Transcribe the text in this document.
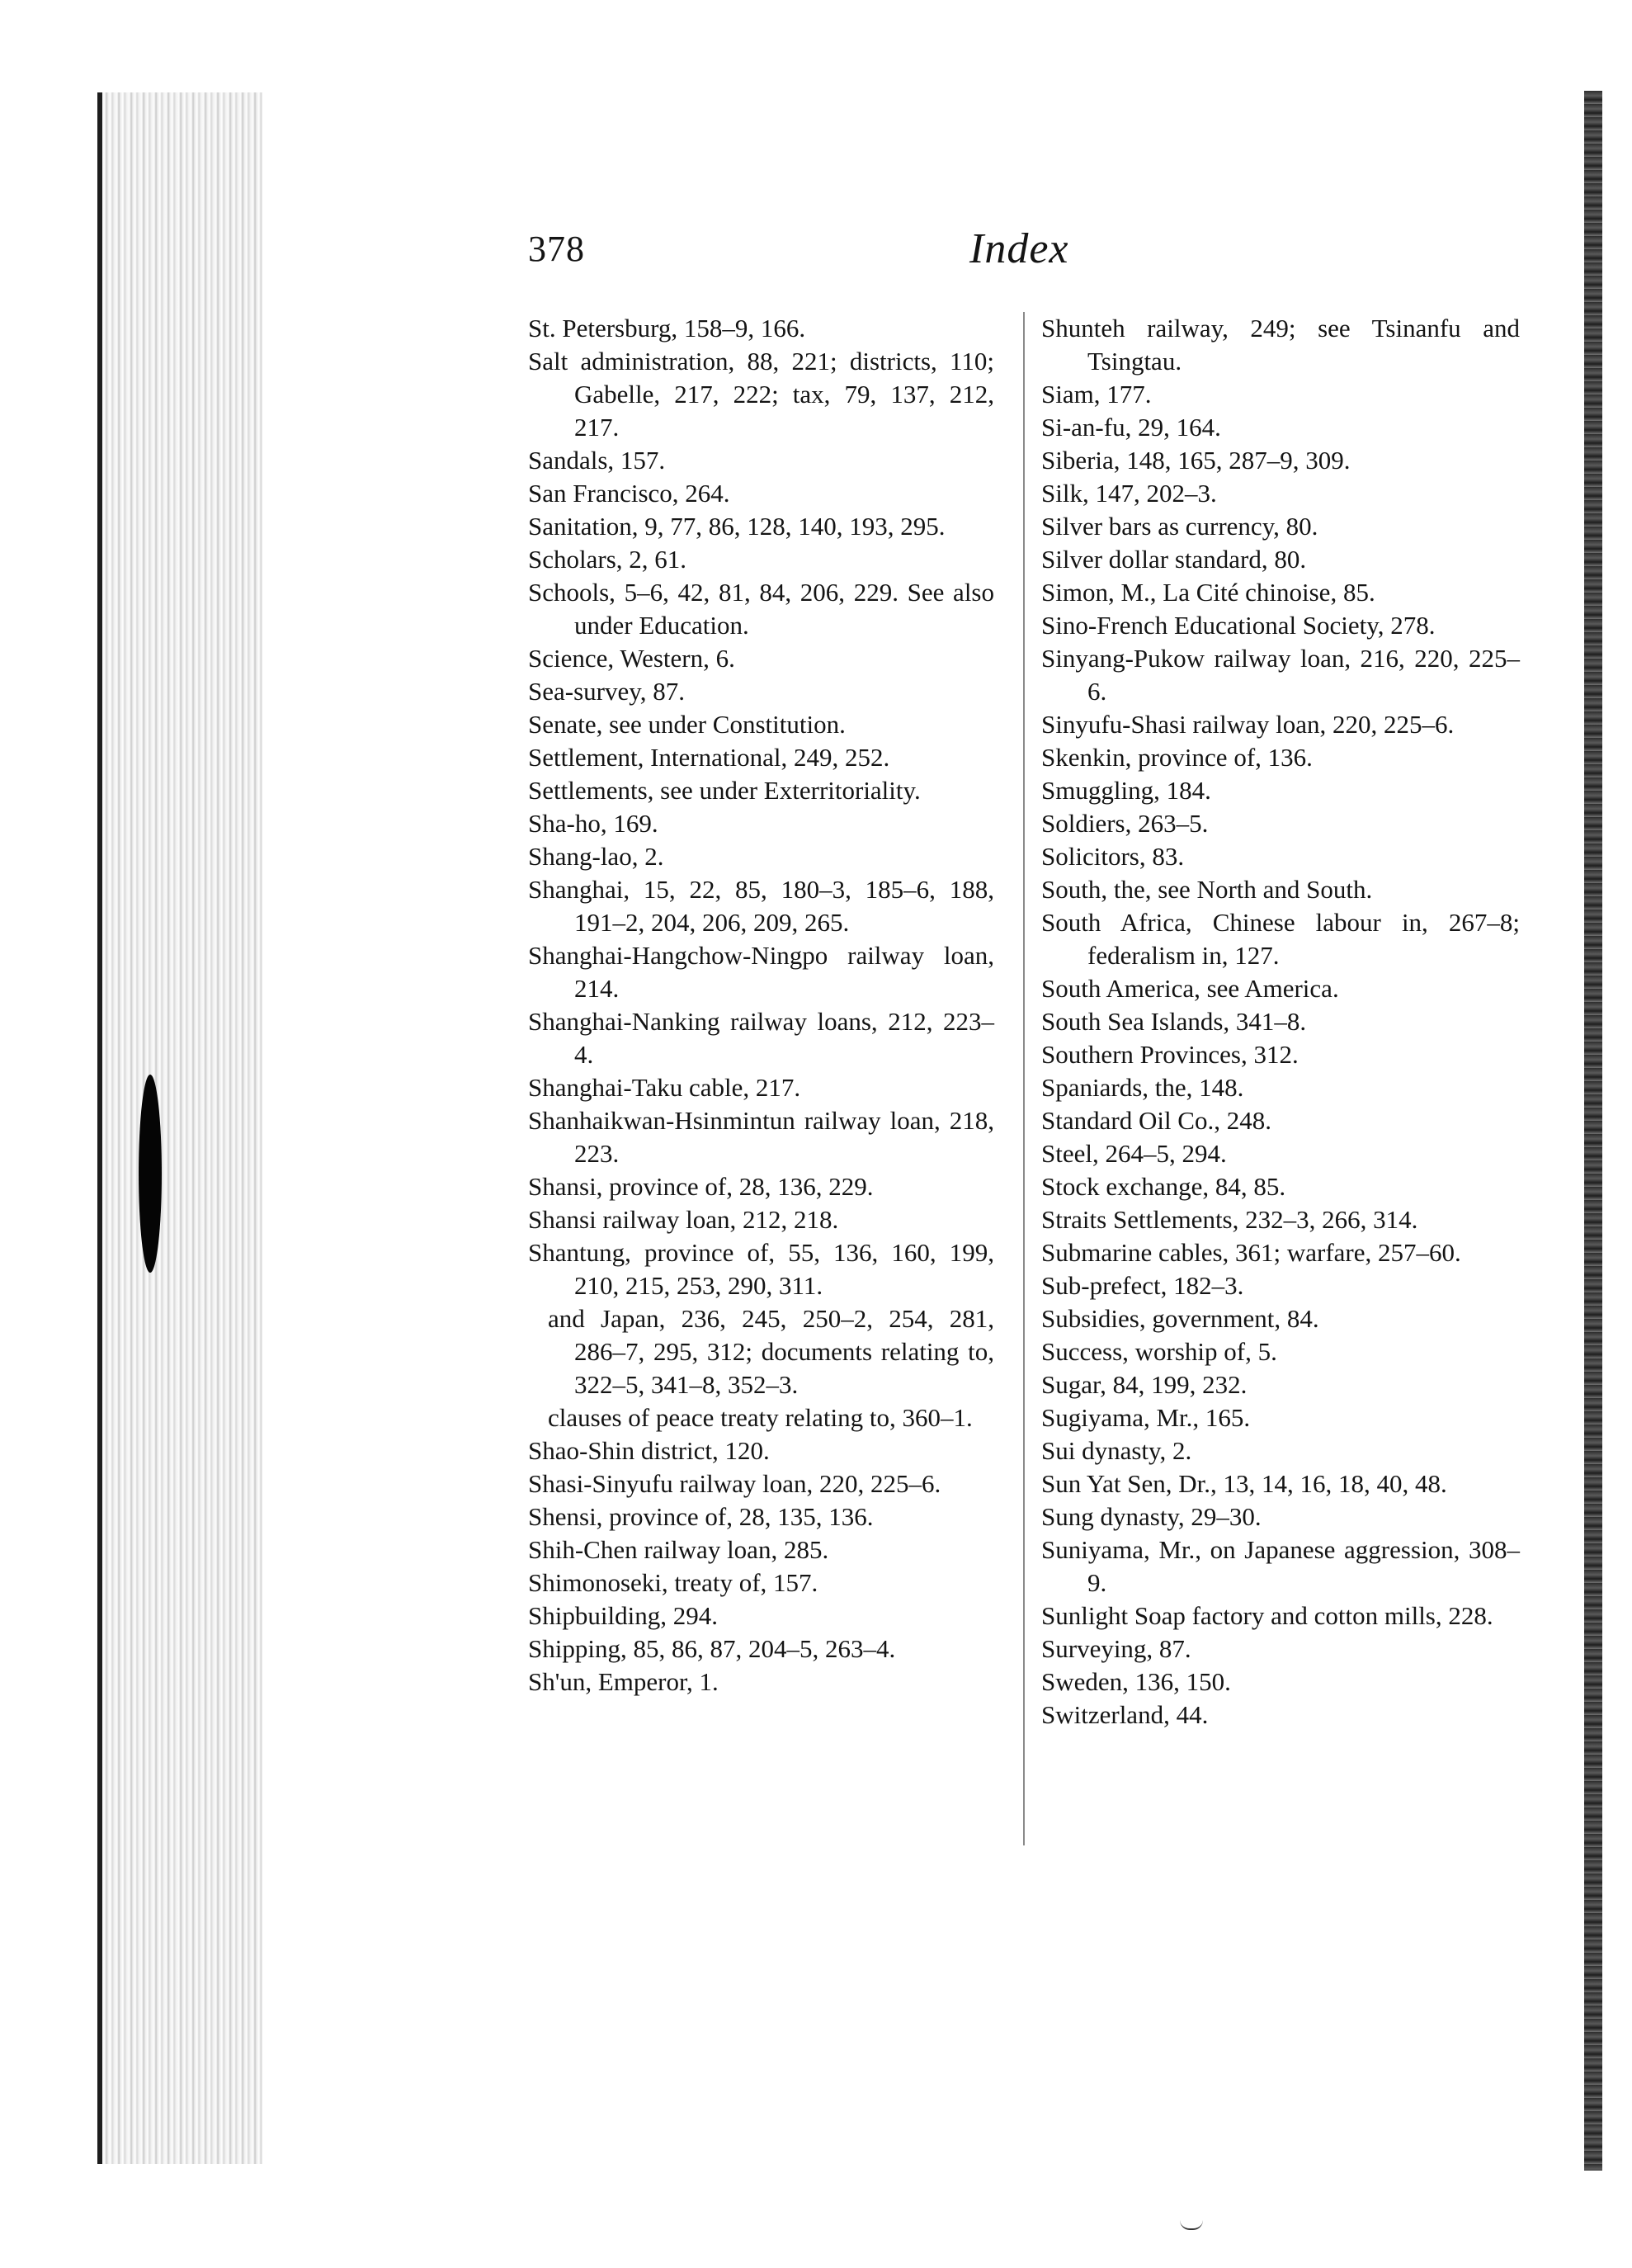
378	Index
St. Petersburg, 158–9, 166.
Salt administration, 88, 221; districts, 110; Gabelle, 217, 222; tax, 79, 137, 212, 217.
Sandals, 157.
San Francisco, 264.
Sanitation, 9, 77, 86, 128, 140, 193, 295.
Scholars, 2, 61.
Schools, 5–6, 42, 81, 84, 206, 229. See also under Education.
Science, Western, 6.
Sea-survey, 87.
Senate, see under Constitution.
Settlement, International, 249, 252.
Settlements, see under Exterritoriality.
Sha-ho, 169.
Shang-lao, 2.
Shanghai, 15, 22, 85, 180–3, 185–6, 188, 191–2, 204, 206, 209, 265.
Shanghai-Hangchow-Ningpo railway loan, 214.
Shanghai-Nanking railway loans, 212, 223–4.
Shanghai-Taku cable, 217.
Shanhaikwan-Hsinmintun railway loan, 218, 223.
Shansi, province of, 28, 136, 229.
Shansi railway loan, 212, 218.
Shantung, province of, 55, 136, 160, 199, 210, 215, 253, 290, 311.
and Japan, 236, 245, 250–2, 254, 281, 286–7, 295, 312; documents relating to, 322–5, 341–8, 352–3.
clauses of peace treaty relating to, 360–1.
Shao-Shin district, 120.
Shasi-Sinyufu railway loan, 220, 225–6.
Shensi, province of, 28, 135, 136.
Shih-Chen railway loan, 285.
Shimonoseki, treaty of, 157.
Shipbuilding, 294.
Shipping, 85, 86, 87, 204–5, 263–4.
Sh'un, Emperor, 1.
Shunteh railway, 249; see Tsinanfu and Tsingtau.
Siam, 177.
Si-an-fu, 29, 164.
Siberia, 148, 165, 287–9, 309.
Silk, 147, 202–3.
Silver bars as currency, 80.
Silver dollar standard, 80.
Simon, M., La Cité chinoise, 85.
Sino-French Educational Society, 278.
Sinyang-Pukow railway loan, 216, 220, 225–6.
Sinyufu-Shasi railway loan, 220, 225–6.
Skenkin, province of, 136.
Smuggling, 184.
Soldiers, 263–5.
Solicitors, 83.
South, the, see North and South.
South Africa, Chinese labour in, 267–8; federalism in, 127.
South America, see America.
South Sea Islands, 341–8.
Southern Provinces, 312.
Spaniards, the, 148.
Standard Oil Co., 248.
Steel, 264–5, 294.
Stock exchange, 84, 85.
Straits Settlements, 232–3, 266, 314.
Submarine cables, 361; warfare, 257–60.
Sub-prefect, 182–3.
Subsidies, government, 84.
Success, worship of, 5.
Sugar, 84, 199, 232.
Sugiyama, Mr., 165.
Sui dynasty, 2.
Sun Yat Sen, Dr., 13, 14, 16, 18, 40, 48.
Sung dynasty, 29–30.
Suniyama, Mr., on Japanese aggression, 308–9.
Sunlight Soap factory and cotton mills, 228.
Surveying, 87.
Sweden, 136, 150.
Switzerland, 44.
